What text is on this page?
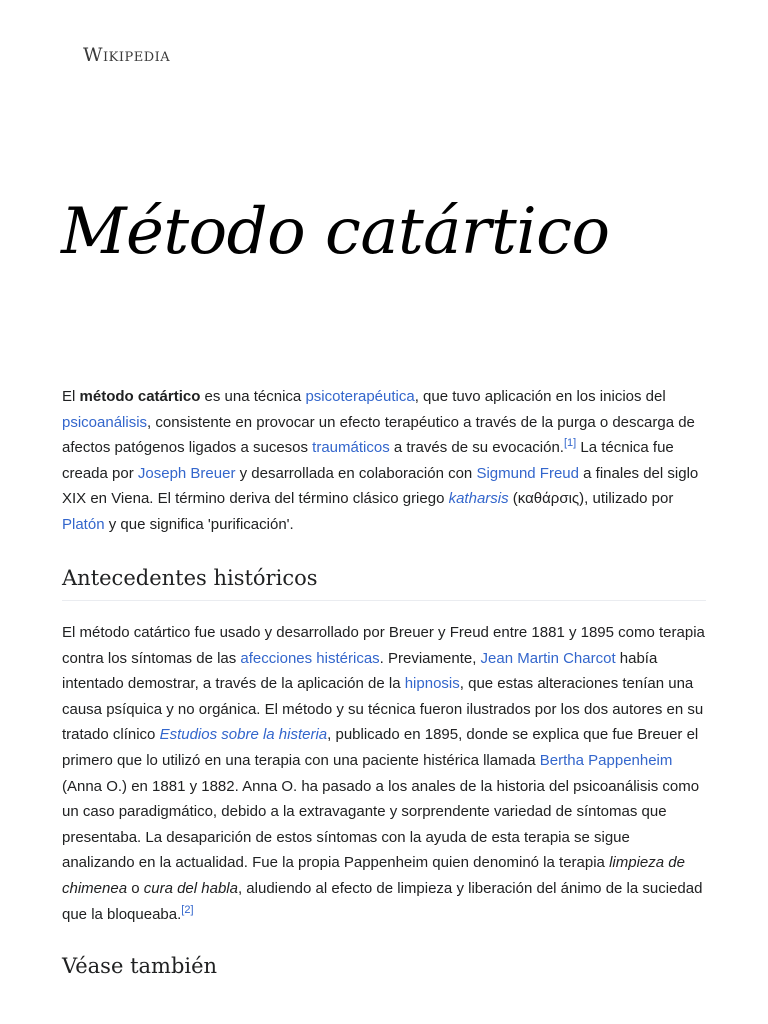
Wikipedia
Método catártico

El método catártico es una técnica psicoterapéutica, que tuvo aplicación en los inicios del psicoanálisis, consistente en provocar un efecto terapéutico a través de la purga o descarga de afectos patógenos ligados a sucesos traumáticos a través de su evocación.[1] La técnica fue creada por Joseph Breuer y desarrollada en colaboración con Sigmund Freud a finales del siglo XIX en Viena. El término deriva del término clásico griego katharsis (καθάρσις), utilizado por Platón y que significa 'purificación'.

Antecedentes históricos

El método catártico fue usado y desarrollado por Breuer y Freud entre 1881 y 1895 como terapia contra los síntomas de las afecciones histéricas. Previamente, Jean Martin Charcot había intentado demostrar, a través de la aplicación de la hipnosis, que estas alteraciones tenían una causa psíquica y no orgánica. El método y su técnica fueron ilustrados por los dos autores en su tratado clínico Estudios sobre la histeria, publicado en 1895, donde se explica que fue Breuer el primero que lo utilizó en una terapia con una paciente histérica llamada Bertha Pappenheim (Anna O.) en 1881 y 1882. Anna O. ha pasado a los anales de la historia del psicoanálisis como un caso paradigmático, debido a la extravagante y sorprendente variedad de síntomas que presentaba. La desaparición de estos síntomas con la ayuda de esta terapia se sigue analizando en la actualidad. Fue la propia Pappenheim quien denominó la terapia limpieza de chimenea o cura del habla, aludiendo al efecto de limpieza y liberación del ánimo de la suciedad que la bloqueaba.[2]

Véase también
